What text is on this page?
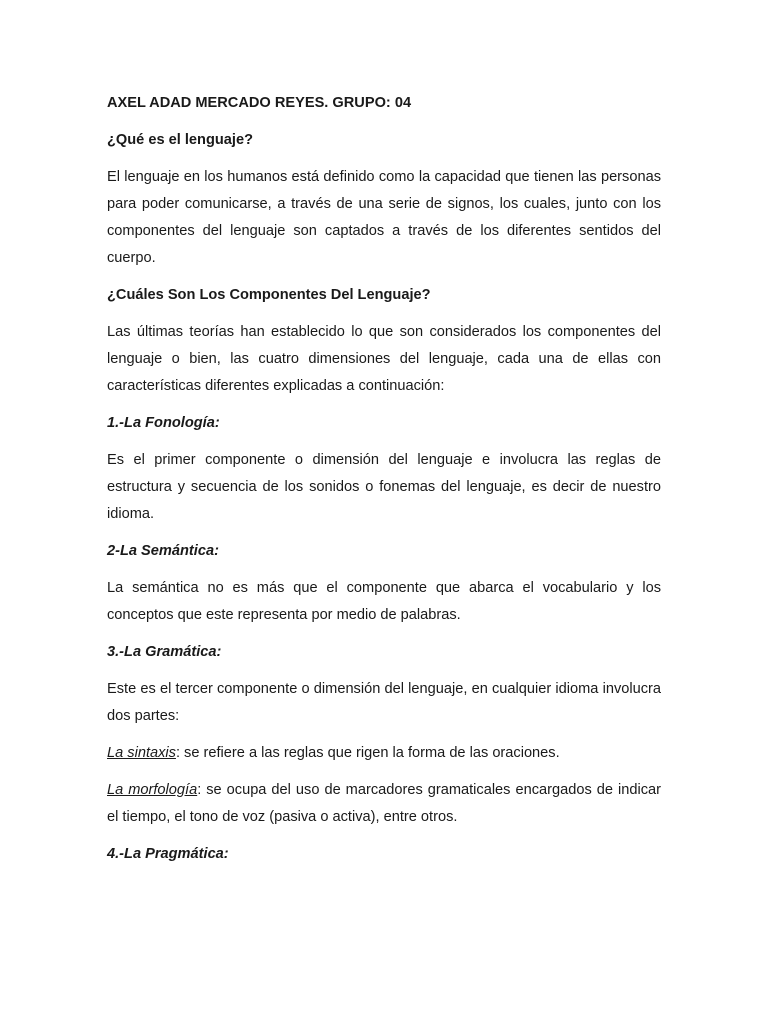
AXEL ADAD MERCADO REYES. GRUPO: 04
¿Qué es el lenguaje?

El lenguaje en los humanos está definido como la capacidad que tienen las personas para poder comunicarse, a través de una serie de signos, los cuales, junto con los componentes del lenguaje son captados a través de los diferentes sentidos del cuerpo.

¿Cuáles Son Los Componentes Del Lenguaje?

Las últimas teorías han establecido lo que son considerados los componentes del lenguaje o bien, las cuatro dimensiones del lenguaje, cada una de ellas con características diferentes explicadas a continuación:

1.-La Fonología:

Es el primer componente o dimensión del lenguaje e involucra las reglas de estructura y secuencia de los sonidos o fonemas del lenguaje, es decir de nuestro idioma.

2-La Semántica:

La semántica no es más que el componente que abarca el vocabulario y los conceptos que este representa por medio de palabras.

3.-La Gramática:

Este es el tercer componente o dimensión del lenguaje, en cualquier idioma involucra dos partes:

La sintaxis: se refiere a las reglas que rigen la forma de las oraciones.

La morfología: se ocupa del uso de marcadores gramaticales encargados de indicar el tiempo, el tono de voz (pasiva o activa), entre otros.

4.-La Pragmática:
